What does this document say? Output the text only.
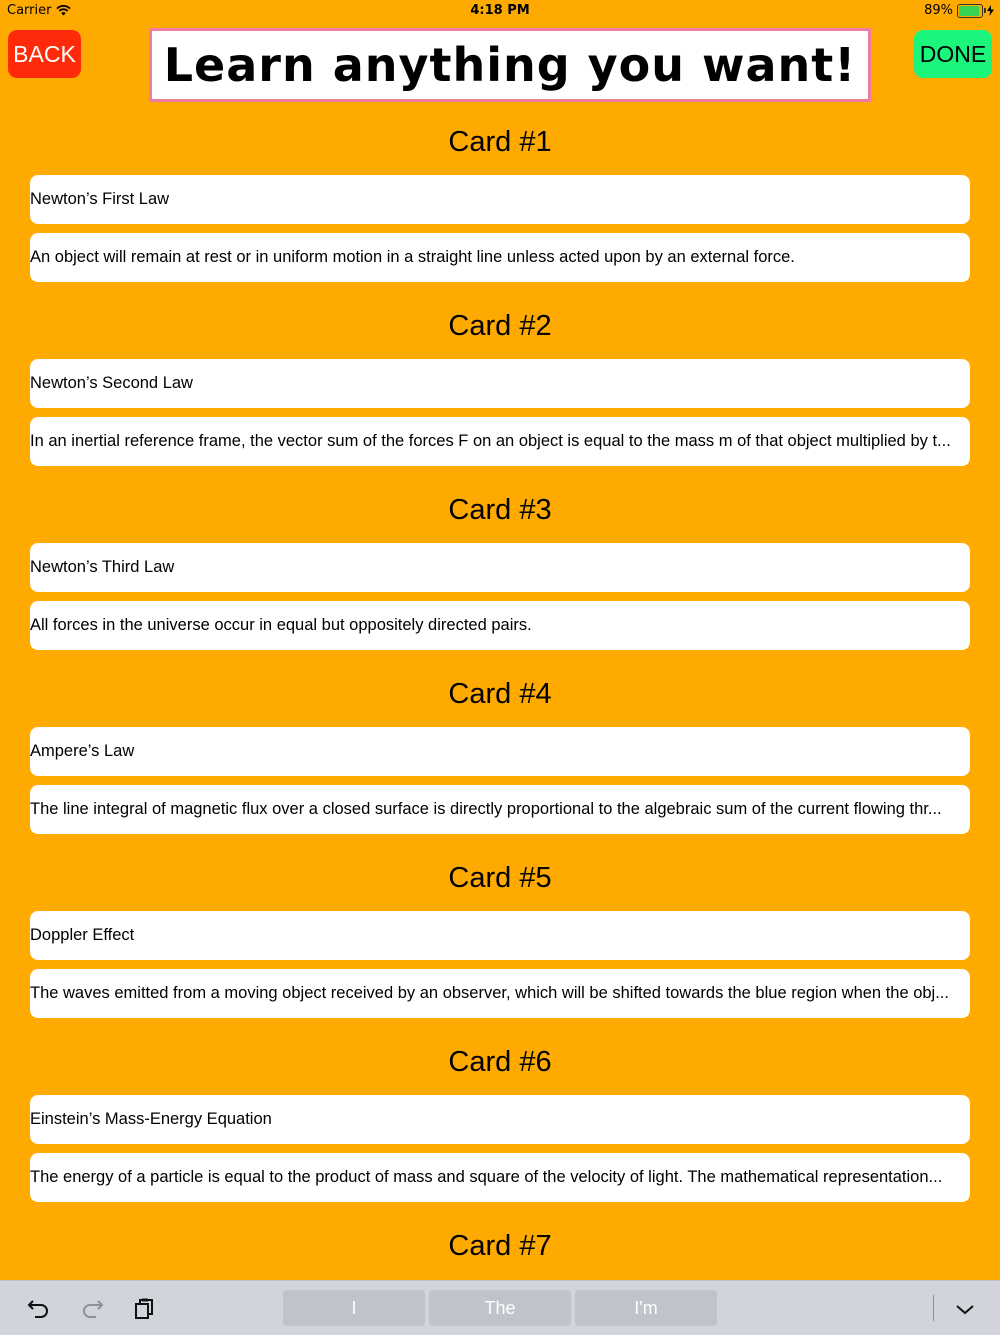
Carrier	4:18 PM	89%
BACK Learn anything you want!	DONE
Card #1
Newton’s First Law
An object will remain at rest or in uniform motion in a straight line unless acted upon by an external force.
Card #2
Newton’s Second Law
In an inertial reference frame, the vector sum of the forces F on an object is equal to the mass m of that object multiplied by t...
Card #3
Newton’s Third Law
All forces in the universe occur in equal but oppositely directed pairs.
Card #4
Ampere’s Law
The line integral of magnetic flux over a closed surface is directly proportional to the algebraic sum of the current flowing thr...
Card #5
Doppler Effect
The waves emitted from a moving object received by an observer, which will be shifted towards the blue region when the obj...
Card #6
Einstein’s Mass-Energy Equation
The energy of a particle is equal to the product of mass and square of the velocity of light. The mathematical representation...
Card #7
I	The	I'm
